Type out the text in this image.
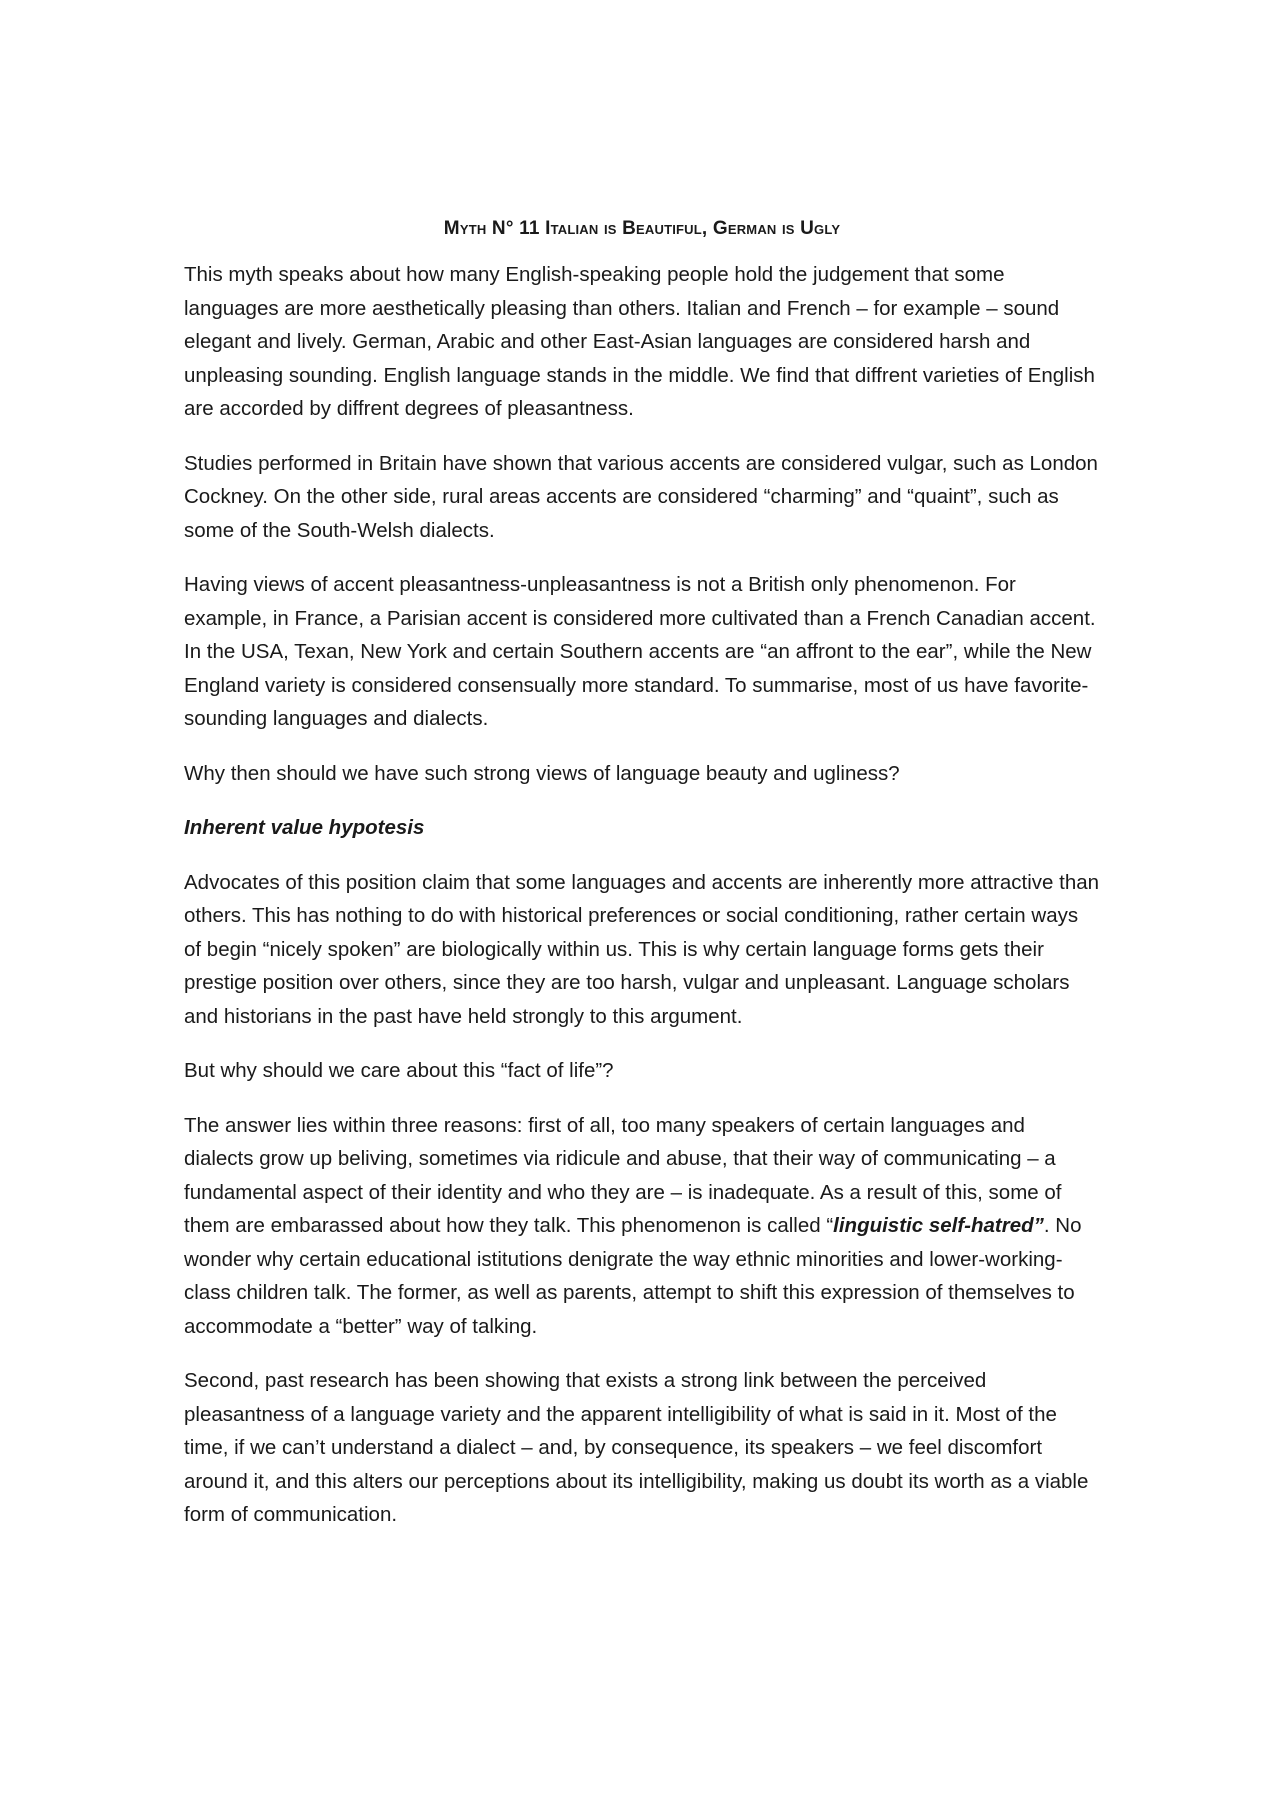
Myth N° 11 Italian is Beautiful, German is Ugly

This myth speaks about how many English-speaking people hold the judgement that some languages are more aesthetically pleasing than others. Italian and French – for example – sound elegant and lively. German, Arabic and other East-Asian languages are considered harsh and unpleasing sounding. English language stands in the middle. We find that diffrent varieties of English are accorded by diffrent degrees of pleasantness.

Studies performed in Britain have shown that various accents are considered vulgar, such as London Cockney. On the other side, rural areas accents are considered “charming” and “quaint”, such as some of the South-Welsh dialects.

Having views of accent pleasantness-unpleasantness is not a British only phenomenon. For example, in France, a Parisian accent is considered more cultivated than a French Canadian accent. In the USA, Texan, New York and certain Southern accents are “an affront to the ear”, while the New England variety is considered consensually more standard. To summarise, most of us have favorite-sounding languages and dialects.

Why then should we have such strong views of language beauty and ugliness?

Inherent value hypotesis

Advocates of this position claim that some languages and accents are inherently more attractive than others. This has nothing to do with historical preferences or social conditioning, rather certain ways of begin “nicely spoken” are biologically within us. This is why certain language forms gets their prestige position over others, since they are too harsh, vulgar and unpleasant. Language scholars and historians in the past have held strongly to this argument.

But why should we care about this “fact of life”?

The answer lies within three reasons: first of all, too many speakers of certain languages and dialects grow up beliving, sometimes via ridicule and abuse, that their way of communicating – a fundamental aspect of their identity and who they are – is inadequate. As a result of this, some of them are embarassed about how they talk. This phenomenon is called “linguistic self-hatred”. No wonder why certain educational istitutions denigrate the way ethnic minorities and lower-working-class children talk. The former, as well as parents, attempt to shift this expression of themselves to accommodate a “better” way of talking.

Second, past research has been showing that exists a strong link between the perceived pleasantness of a language variety and the apparent intelligibility of what is said in it. Most of the time, if we can’t understand a dialect – and, by consequence, its speakers – we feel discomfort around it, and this alters our perceptions about its intelligibility, making us doubt its worth as a viable form of communication.
